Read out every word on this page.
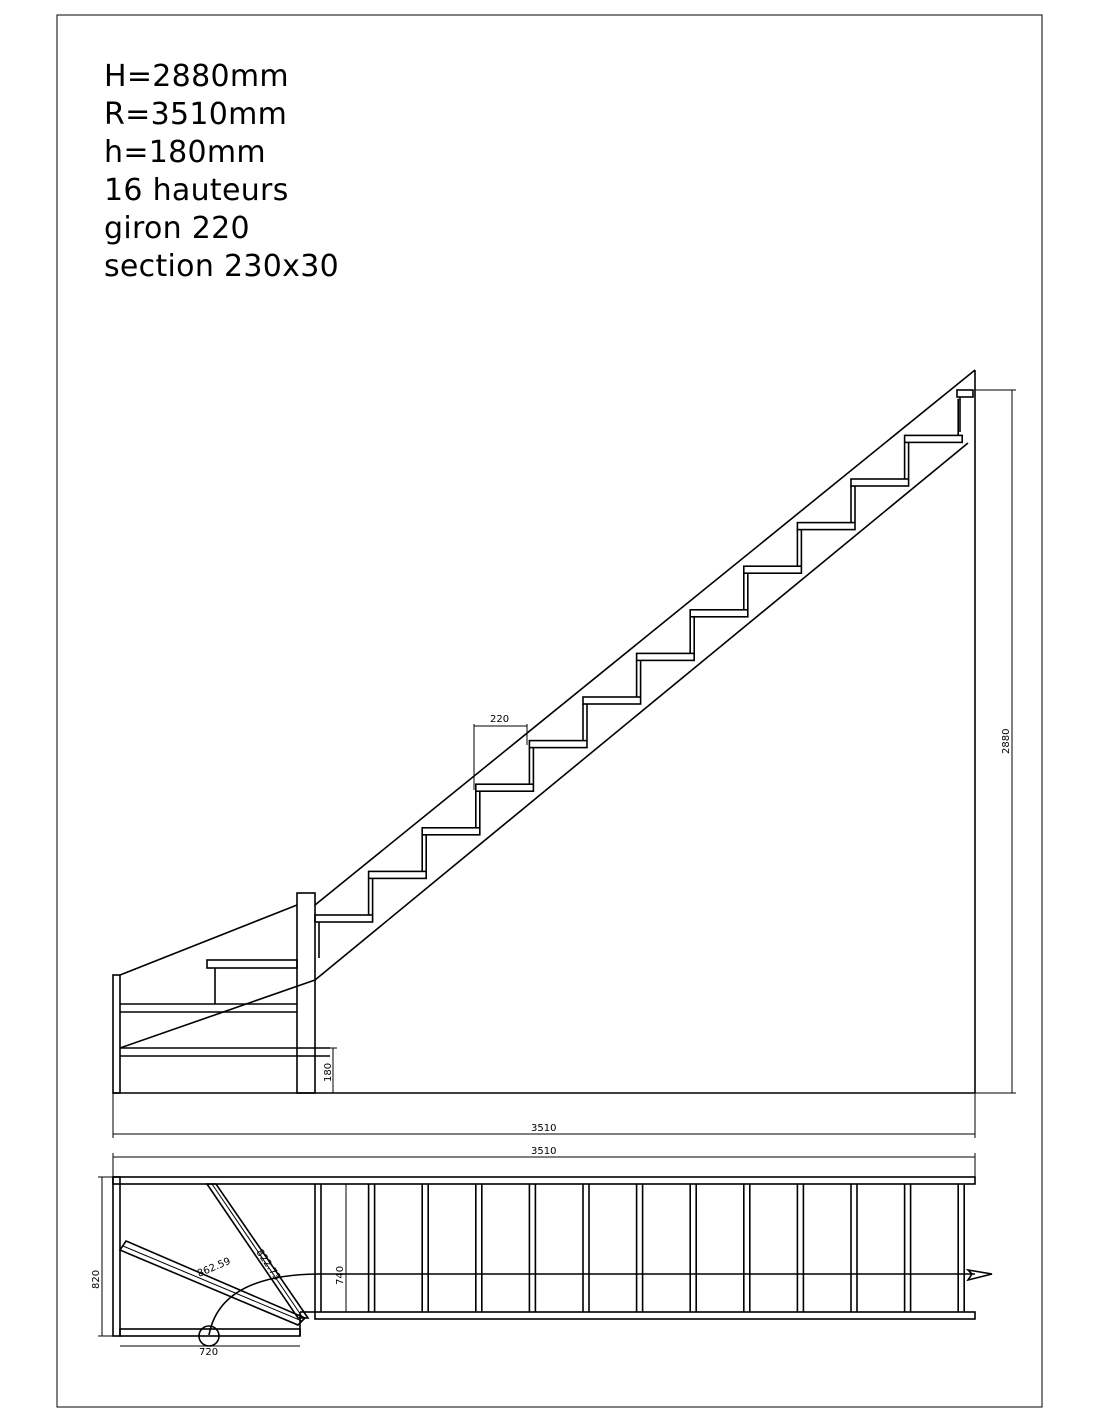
H=2880mm
R=3510mm
h=180mm
16 hauteurs
giron 220
section 230x30
220
2880
180
3510
3510
820	740
862.59 822.73
720
